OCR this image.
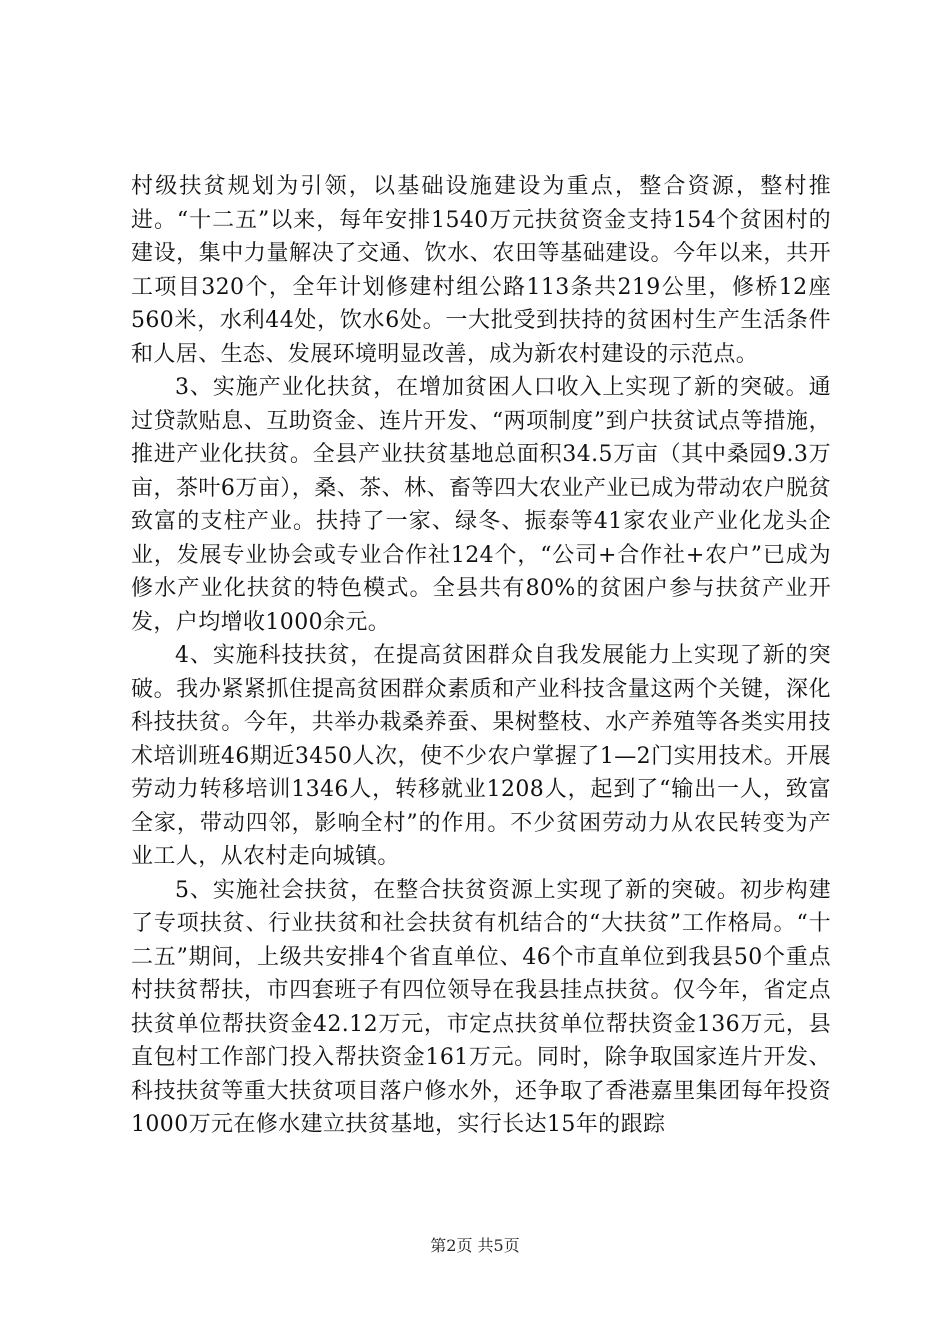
村级扶贫规划为引领，以基础设施建设为重点，整合资源，整村推进。“十二五”以来，每年安排1540万元扶贫资金支持154个贫困村的建设，集中力量解决了交通、饮水、农田等基础建设。今年以来，共开工项目320个，全年计划修建村组公路113条共219公里，修桥12座560米，水利44处，饮水6处。一大批受到扶持的贫困村生产生活条件和人居、生态、发展环境明显改善，成为新农村建设的示范点。

3、实施产业化扶贫，在增加贫困人口收入上实现了新的突破。通过贷款贴息、互助资金、连片开发、“两项制度”到户扶贫试点等措施，推进产业化扶贫。全县产业扶贫基地总面积34.5万亩（其中桑园9.3万亩，茶叶6万亩），桑、茶、林、畜等四大农业产业已成为带动农户脱贫致富的支柱产业。扶持了一家、绿冬、振泰等41家农业产业化龙头企业，发展专业协会或专业合作社124个，“公司+合作社+农户”已成为修水产业化扶贫的特色模式。全县共有80%的贫困户参与扶贫产业开发，户均增收1000余元。

4、实施科技扶贫，在提高贫困群众自我发展能力上实现了新的突破。我办紧紧抓住提高贫困群众素质和产业科技含量这两个关键，深化科技扶贫。今年，共举办栽桑养蚕、果树整枝、水产养殖等各类实用技术培训班46期近3450人次，使不少农户掌握了1—2门实用技术。开展劳动力转移培训1346人，转移就业1208人，起到了“输出一人，致富全家，带动四邻，影响全村”的作用。不少贫困劳动力从农民转变为产业工人，从农村走向城镇。

5、实施社会扶贫，在整合扶贫资源上实现了新的突破。初步构建了专项扶贫、行业扶贫和社会扶贫有机结合的“大扶贫”工作格局。“十二五”期间，上级共安排4个省直单位、46个市直单位到我县50个重点村扶贫帮扶，市四套班子有四位领导在我县挂点扶贫。仅今年，省定点扶贫单位帮扶资金42.12万元，市定点扶贫单位帮扶资金136万元，县直包村工作部门投入帮扶资金161万元。同时，除争取国家连片开发、科技扶贫等重大扶贫项目落户修水外，还争取了香港嘉里集团每年投资1000万元在修水建立扶贫基地，实行长达15年的跟踪

第2页 共5页
